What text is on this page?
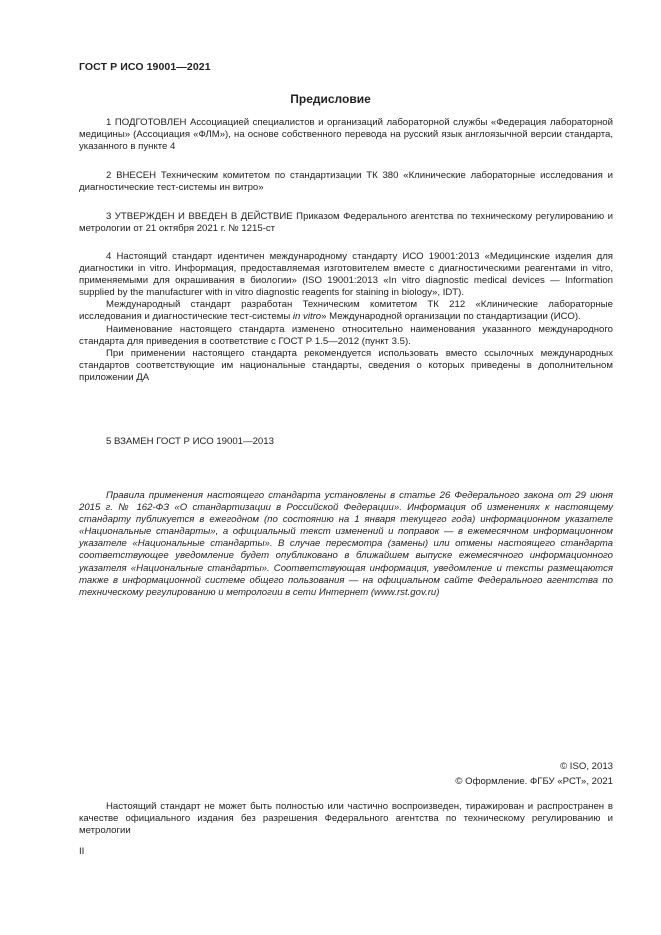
ГОСТ Р ИСО 19001—2021
Предисловие

1 ПОДГОТОВЛЕН Ассоциацией специалистов и организаций лабораторной службы «Федерация лабораторной медицины» (Ассоциация «ФЛМ»), на основе собственного перевода на русский язык англоязычной версии стандарта, указанного в пункте 4

2 ВНЕСЕН Техническим комитетом по стандартизации ТК 380 «Клинические лабораторные исследования и диагностические тест-системы ин витро»

3 УТВЕРЖДЕН И ВВЕДЕН В ДЕЙСТВИЕ Приказом Федерального агентства по техническому регулированию и метрологии от 21 октября 2021 г. № 1215-ст

4 Настоящий стандарт идентичен международному стандарту ИСО 19001:2013 «Медицинские изделия для диагностики in vitro. Информация, предоставляемая изготовителем вместе с диагностическими реагентами in vitro, применяемыми для окрашивания в биологии» (ISO 19001:2013 «In vitro diagnostic medical devices — Information supplied by the manufacturer with in vitro diagnostic reagents for staining in biology», IDT).

Международный стандарт разработан Техническим комитетом ТК 212 «Клинические лабораторные исследования и диагностические тест-системы in vitro» Международной организации по стандартизации (ИСО).

Наименование настоящего стандарта изменено относительно наименования указанного международного стандарта для приведения в соответствие с ГОСТ Р 1.5—2012 (пункт 3.5).

При применении настоящего стандарта рекомендуется использовать вместо ссылочных международных стандартов соответствующие им национальные стандарты, сведения о которых приведены в дополнительном приложении ДА

5 ВЗАМЕН ГОСТ Р ИСО 19001—2013

Правила применения настоящего стандарта установлены в статье 26 Федерального закона от 29 июня 2015 г. № 162-ФЗ «О стандартизации в Российской Федерации». Информация об изменениях к настоящему стандарту публикуется в ежегодном (по состоянию на 1 января текущего года) информационном указателе «Национальные стандарты», а официальный текст изменений и поправок — в ежемесячном информационном указателе «Национальные стандарты». В случае пересмотра (замены) или отмены настоящего стандарта соответствующее уведомление будет опубликовано в ближайшем выпуске ежемесячного информационного указателя «Национальные стандарты». Соответствующая информация, уведомление и тексты размещаются также в информационной системе общего пользования — на официальном сайте Федерального агентства по техническому регулированию и метрологии в сети Интернет (www.rst.gov.ru)

© ISO, 2013
© Оформление. ФГБУ «РСТ», 2021

Настоящий стандарт не может быть полностью или частично воспроизведен, тиражирован и распространен в качестве официального издания без разрешения Федерального агентства по техническому регулированию и метрологии

II
